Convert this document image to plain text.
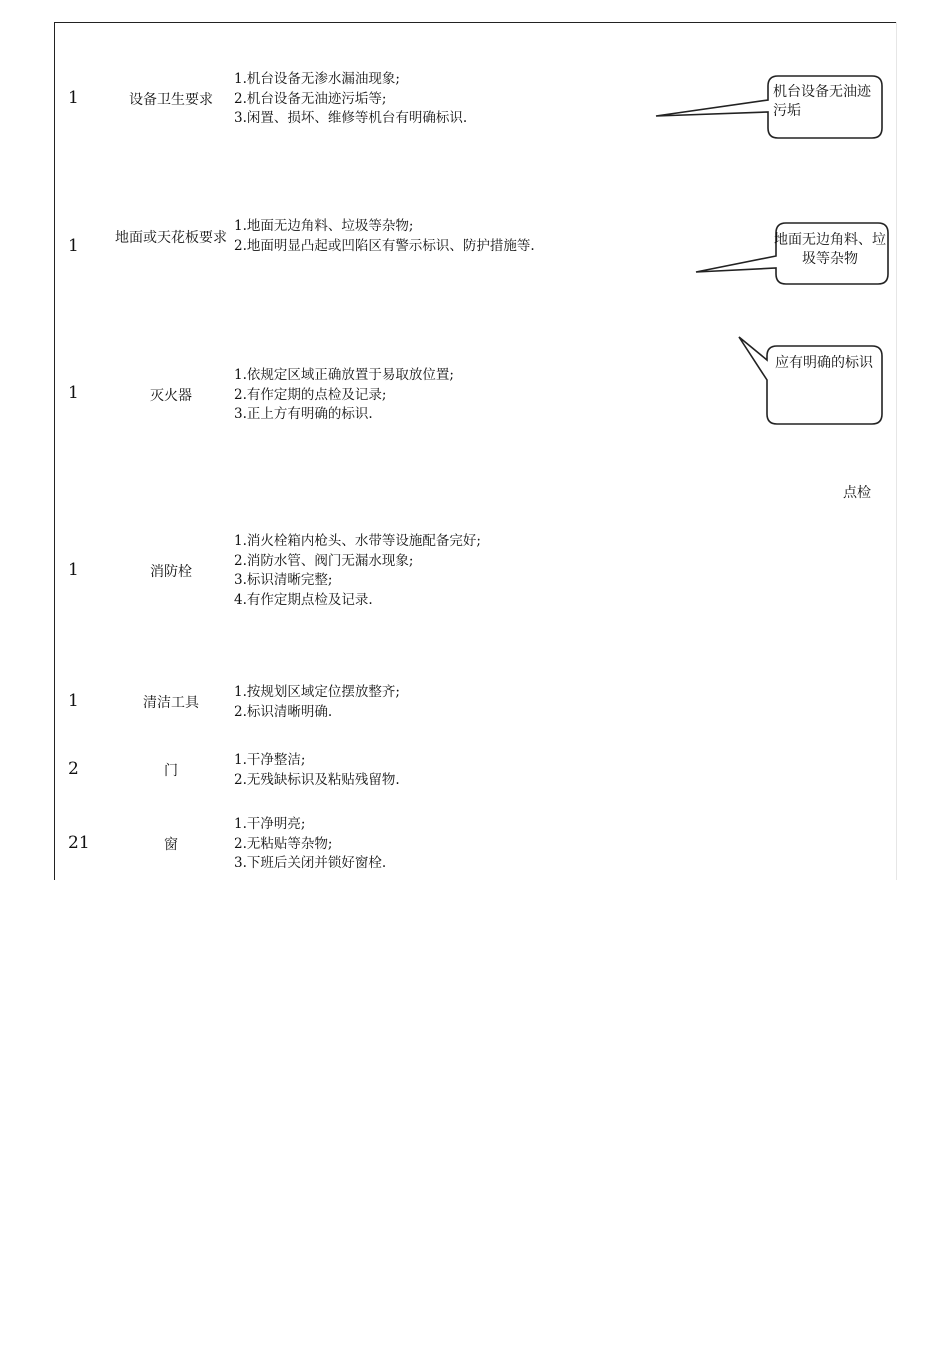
1	设备卫生要求
1.机台设备无渗水漏油现象;
2.机台设备无油迹污垢等;
3.闲置、损坏、维修等机台有明确标识.
1	地面或天花板要求
1.地面无边角料、垃圾等杂物;
2.地面明显凸起或凹陷区有警示标识、防护措施等.
1	灭火器
1.依规定区域正确放置于易取放位置;
2.有作定期的点检及记录;
3.正上方有明确的标识.
1	消防栓
1.消火栓箱内枪头、水带等设施配备完好;
2.消防水管、阀门无漏水现象;
3.标识清晰完整;
4.有作定期点检及记录.
1	清洁工具
1.按规划区域定位摆放整齐;
2.标识清晰明确.
2	门
1.干净整洁;
2.无残缺标识及粘贴残留物.
21	窗
1.干净明亮;
2.无粘贴等杂物;
3.下班后关闭并锁好窗栓.
机台设备无油迹污垢
地面无边角料、垃圾等杂物
应有明确的标识
点检
